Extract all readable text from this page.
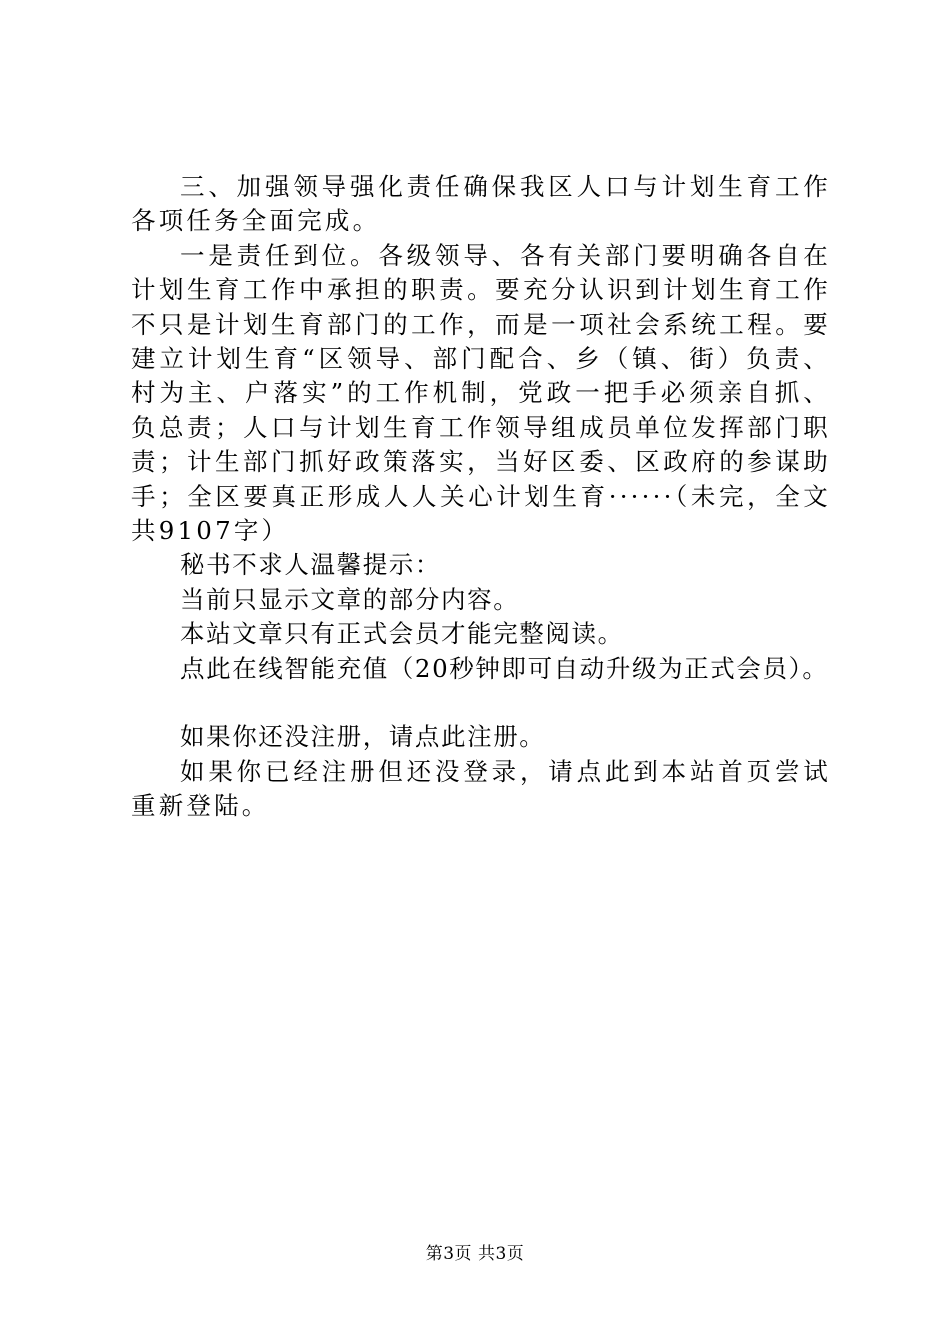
三、加强领导强化责任确保我区人口与计划生育工作各项任务全面完成。

一是责任到位。各级领导、各有关部门要明确各自在计划生育工作中承担的职责。要充分认识到计划生育工作不只是计划生育部门的工作，而是一项社会系统工程。要建立计划生育“区领导、部门配合、乡（镇、街）负责、村为主、户落实”的工作机制，党政一把手必须亲自抓、负总责；人口与计划生育工作领导组成员单位发挥部门职责；计生部门抓好政策落实，当好区委、区政府的参谋助手；全区要真正形成人人关心计划生育······（未完，全文共9107字）

秘书不求人温馨提示：

当前只显示文章的部分内容。

本站文章只有正式会员才能完整阅读。

点此在线智能充值（20秒钟即可自动升级为正式会员）。

如果你还没注册，请点此注册。

如果你已经注册但还没登录，请点此到本站首页尝试重新登陆。

第3页 共3页
